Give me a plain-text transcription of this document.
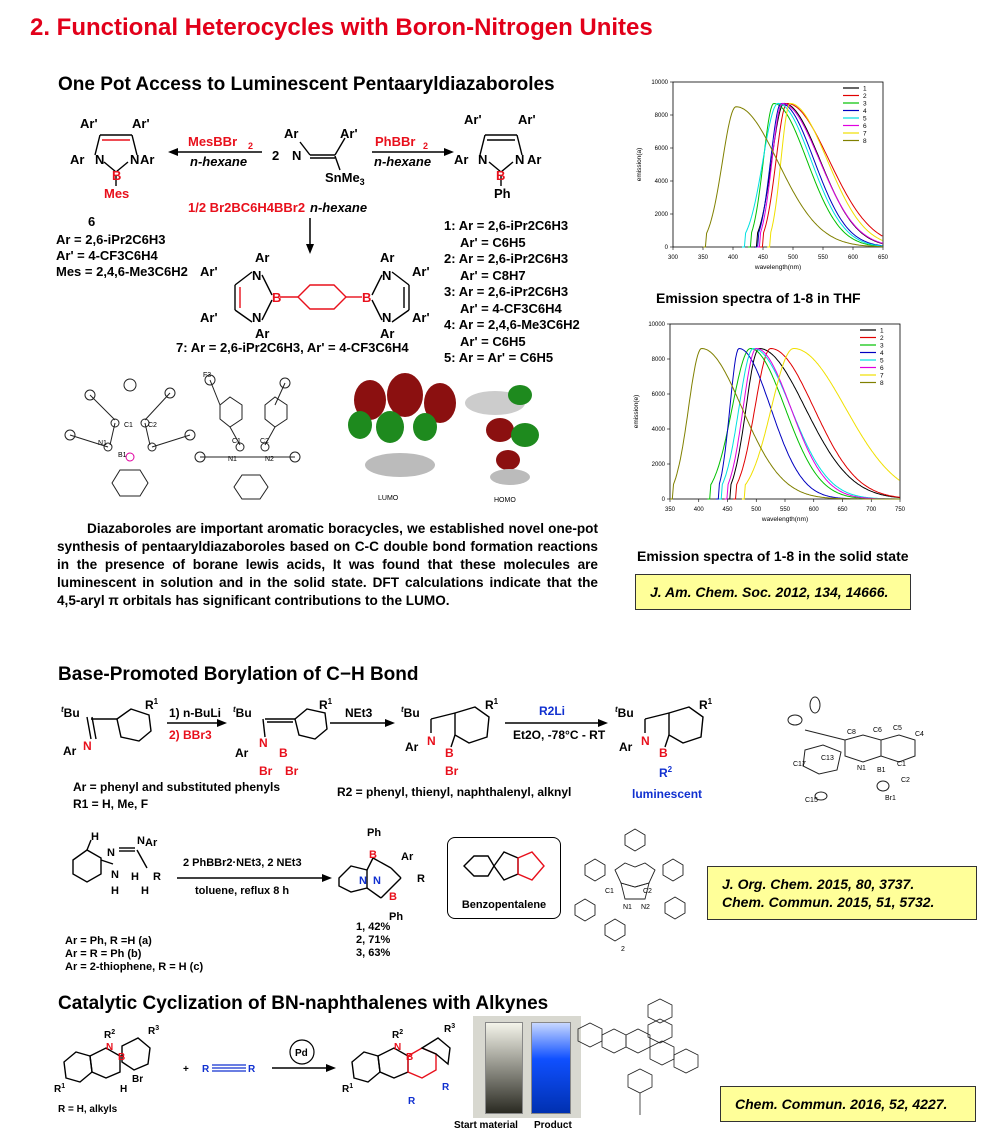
2. Functional Heterocycles with Boron-Nitrogen Unites
One Pot Access to Luminescent Pentaaryldiazaboroles
Ar	Ar'
2 N
SnMe$_3$
MesBBr 2
n-hexane
PhBBr 2
n-hexane
1/2 Br2BC6H4BBr2 n-hexane
Ar'	Ar'
Ar N N Ar
B
Mes
Ar'	Ar'
Ar N N Ar
B
Ph
Ar'
Ar'
Ar
N
N
Ar
B	B
N
N
Ar
Ar
Ar'
Ar'
6
Ar = 2,6-iPr2C6H3
Ar' = 4-CF3C6H4
Mes = 2,4,6-Me3C6H2
7: Ar = 2,6-iPr2C6H3, Ar' = 4-CF3C6H4
1: Ar = 2,6-iPr2C6H3
Ar' = C6H5
2: Ar = 2,6-iPr2C6H3
Ar' = C8H7
3: Ar = 2,6-iPr2C6H3
Ar' = 4-CF3C6H4
4: Ar = 2,4,6-Me3C6H2
Ar' = C6H5
5: Ar = Ar' = C6H5
C1 C2
N1
B1
F3
C1	C2
N1	N2
LUMO	HOMO
Diazaboroles are important aromatic boracycles, we established novel one-pot synthesis of pentaaryldiazaboroles based on C-C double bond formation reactions in the presence of borane lewis acids, It was found that these molecules are luminescent in solution and in the solid state. DFT calculations indicate that the 4,5-aryl π orbitals has significant contributions to the LUMO.
300	350	400	450	500	550	600	650
0
2000
4000
6000
8000
10000
wavelength(nm)
emission(a)
1
2
3
4
5
6
7
8
Emission spectra of 1-8 in THF
350	400	450	500	550	600	650	700	750
0
2000
4000
6000
8000
10000
wavelength(nm)
emission(e)
1
2
3
4
5
6
7
8
Emission spectra of 1-8 in the solid state
J. Am. Chem. Soc. 2012, 134, 14666.
Base-Promoted Borylation of C−H Bond
$^t$Bu
Ar N
$R^1$
1) n-BuLi
2) BBr3
$^t$Bu
Ar
N
B
Br Br
$R^1$
NEt3	$^t$Bu
Ar N
B
Br
$R^1$
R2Li
Et2O, -78°C - RT
$^t$Bu
Ar N
B
$R^2$
$R^1$
Ar = phenyl and substituted phenyls
R1 = H, Me, F
R2 = phenyl, thienyl, naphthalenyl, alknyl	luminescent
C8 C6 C5
C4
N1 B1
C1
C2
C17
C13
Br1
C15
H
N
N
N
H
Ar
R
H
H
2 PhBBr2·NEt3, 2 NEt3
toluene, reflux 8 h
Ph
B
N N
B
Ph
Ar
R
Ar = Ph, R =H (a)
Ar = R = Ph (b)
Ar = 2-thiophene, R = H (c)
1, 42%
2, 71%
3, 63%
Benzopentalene
C1	C2
N1 N2
2
J. Org. Chem. 2015, 80, 3737.
Chem. Commun. 2015, 51, 5732.
Catalytic Cyclization of BN-naphthalenes with Alkynes
$R^2$
N
B
$R^3$
Br
H
$R^1$
+ R	R
Pd
$R^2$
N
B
$R^3$
R
R
$R^1$
R = H, alkyls
Start material Product
Chem. Commun. 2016, 52, 4227.
